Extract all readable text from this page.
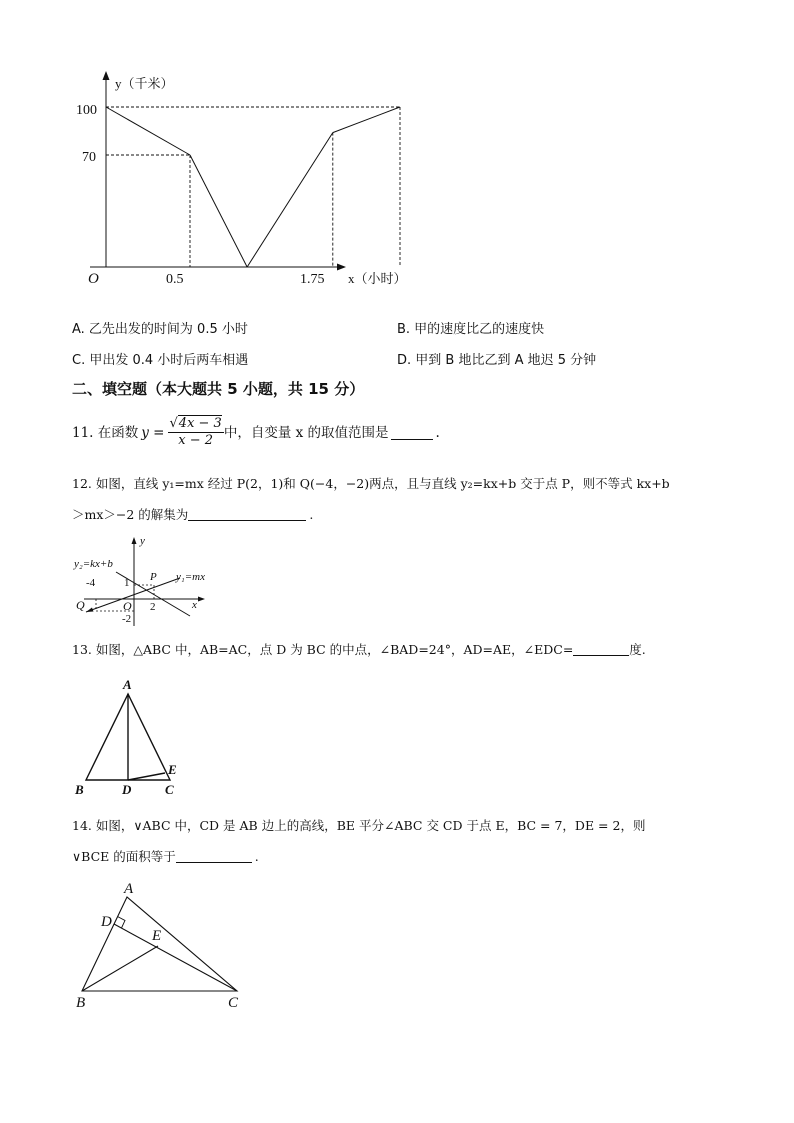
y（千米）
x（小时）
O
100
70
0.5	1.75
A. 乙先出发的时间为 0.5 小时	B. 甲的速度比乙的速度快
C. 甲出发 0.4 小时后两车相遇	D. 甲到 B 地比乙到 A 地迟 5 分钟
二、填空题（本大题共 5 小题，共 15 分）
11. 在函数 $y = \frac{√4x - 3}{x - 2}$ 中，自变量 x 的取值范围是	.
12. 如图，直线 y₁=mx 经过 P(2，1)和 Q(−4，−2)两点，且与直线 y₂=kx+b 交于点 P，则不等式 kx+b
＞mx＞−2 的解集为	.
y₂=kx+b
y₁=mx
y
x
O
P
Q
-4	1
2
-2
13. 如图，△ABC 中，AB=AC，点 D 为 BC 的中点，∠BAD=24°，AD=AE，∠EDC=	度.
A
B	D	C
E
14. 如图，∨ABC 中，CD 是 AB 边上的高线，BE 平分∠ABC 交 CD 于点 E，BC = 7，DE = 2，则
∨BCE 的面积等于	.
A
D
E
B	C
